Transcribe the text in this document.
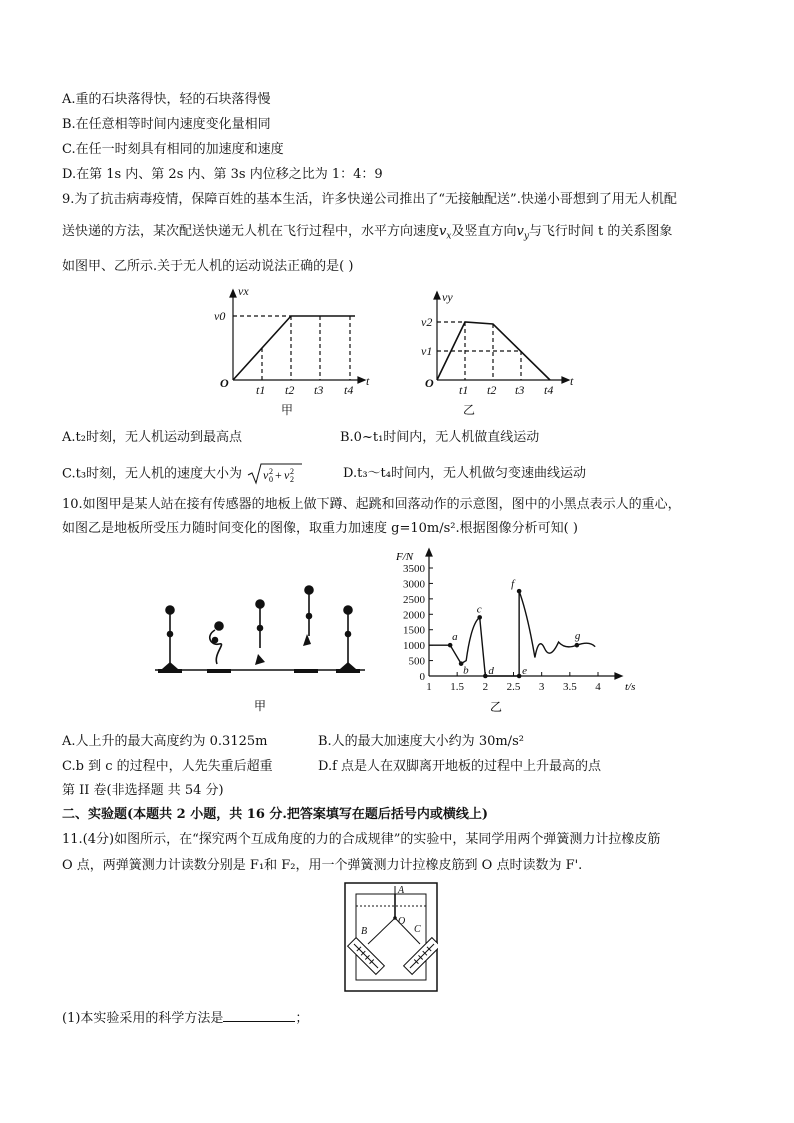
A.重的石块落得快，轻的石块落得慢
B.在任意相等时间内速度变化量相同
C.在任一时刻具有相同的加速度和速度
D.在第 1s 内、第 2s 内、第 3s 内位移之比为 1：4：9
9.为了抗击病毒疫情，保障百姓的基本生活，许多快递公司推出了“无接触配送”.快递小哥想到了用无人机配
送快递的方法，某次配送快递无人机在飞行过程中，水平方向速度$v_x$及竖直方向$v_y$与飞行时间 t 的关系图象
如图甲、乙所示.关于无人机的运动说法正确的是( )
vx
v0
O	t
t1 t2 t3 t4
甲
vy
v2
v1
O	t
t1 t2 t3 t4
乙
A.t₂时刻，无人机运动到最高点	B.0~t₁时间内，无人机做直线运动
C.t₃时刻，无人机的速度大小为 v 2
0 + v 2
2	D.t₃～t₄时间内，无人机做匀变速曲线运动
10.如图甲是某人站在接有传感器的地板上做下蹲、起跳和回落动作的示意图，图中的小黑点表示人的重心，
如图乙是地板所受压力随时间变化的图像，取重力加速度 g=10m/s².根据图像分析可知( )
甲
0
500
1000
1500
2000
2500
3000
3500
1 1.5 2 2.5 3 3.5 4
a
b
c
d	e
f
g
F/N
t/s
乙
A.人上升的最大高度约为 0.3125m	B.人的最大加速度大小约为 30m/s²
C.b 到 c 的过程中，人先失重后超重	D.f 点是人在双脚离开地板的过程中上升最高的点
第 II 卷(非选择题 共 54 分)
二、实验题(本题共 2 小题，共 16 分.把答案填写在题后括号内或横线上)
11.(4分)如图所示，在“探究两个互成角度的力的合成规律”的实验中，某同学用两个弹簧测力计拉橡皮筋
O 点，两弹簧测力计读数分别是 F₁和 F₂，用一个弹簧测力计拉橡皮筋到 O 点时读数为 F'.
A
O
B	C
(1)本实验采用的科学方法是	；
